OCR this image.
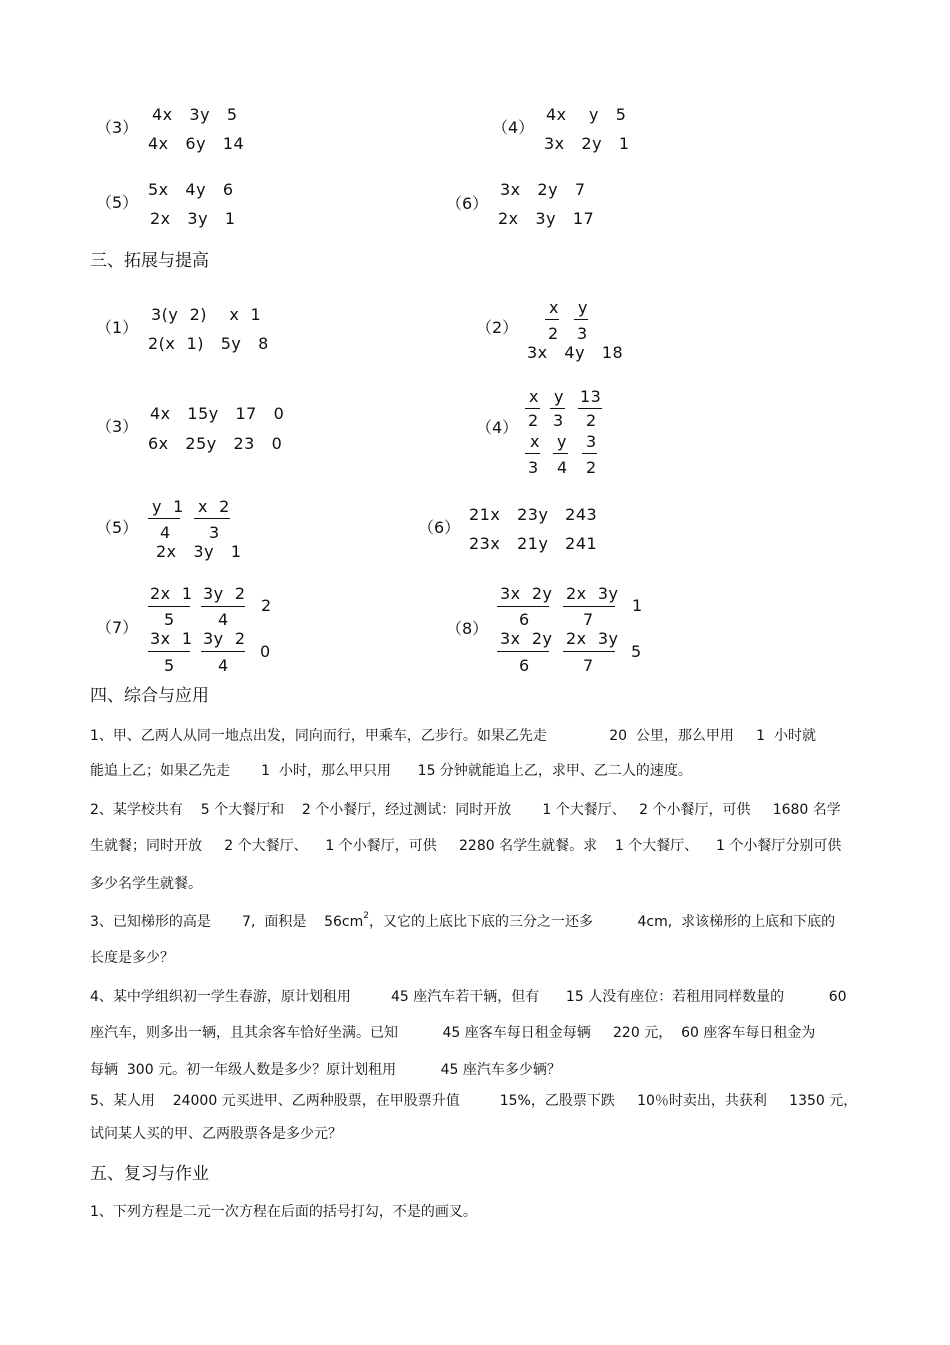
（3）
4x   3y   5
4x   6y   14
（4）
4x    y   5
3x   2y   1
（5）
5x   4y   6
2x   3y   1
（6）
3x   2y   7
2x   3y   17
三、拓展与提高
（1）
3(y  2)    x  1
2(x  1)   5y   8
（2）
x
2
y
3
3x   4y   18
（3）
4x   15y   17   0
6x   25y   23   0
（4）
x
2
y
3
13
2
x
3
y
4
3
2
（5）
y  1
4
x  2
3
2x   3y   1
（6）
21x   23y   243
23x   21y   241
（7）
2x  1
5
3y  2
4
2
3x  1
5
3y  2
4
0
（8）
3x  2y
6
2x  3y
7
1
3x  2y
6
2x  3y
7
5
四、综合与应用
1、甲、乙两人从同一地点出发，同向而行，甲乘车，乙步行。如果乙先走              20  公里，那么甲用     1  小时就
能追上乙；如果乙先走       1  小时，那么甲只用      15 分钟就能追上乙，求甲、乙二人的速度。
2、某学校共有    5 个大餐厅和    2 个小餐厅，经过测试：同时开放       1 个大餐厅、   2 个小餐厅，可供     1680 名学
生就餐；同时开放     2 个大餐厅、    1 个小餐厅，可供     2280 名学生就餐。求    1 个大餐厅、    1 个小餐厅分别可供
多少名学生就餐。
3、已知梯形的高是       7,  面积是    $56cm^2$，又它的上底比下底的三分之一还多          4cm,  求该梯形的上底和下底的
长度是多少？
4、某中学组织初一学生春游，原计划租用         45 座汽车若干辆，但有      15 人没有座位：若租用同样数量的          60
座汽车，则多出一辆，且其余客车恰好坐满。已知          45 座客车每日租金每辆     220 元，  60 座客车每日租金为
每辆  300 元。初一年级人数是多少？原计划租用          45 座汽车多少辆？
5、某人用    24000 元买进甲、乙两种股票，在甲股票升值         15%，乙股票下跌     10％时卖出，共获利     1350 元，
试问某人买的甲、乙两股票各是多少元？
五、复习与作业
1、下列方程是二元一次方程在后面的括号打勾，不是的画叉。
